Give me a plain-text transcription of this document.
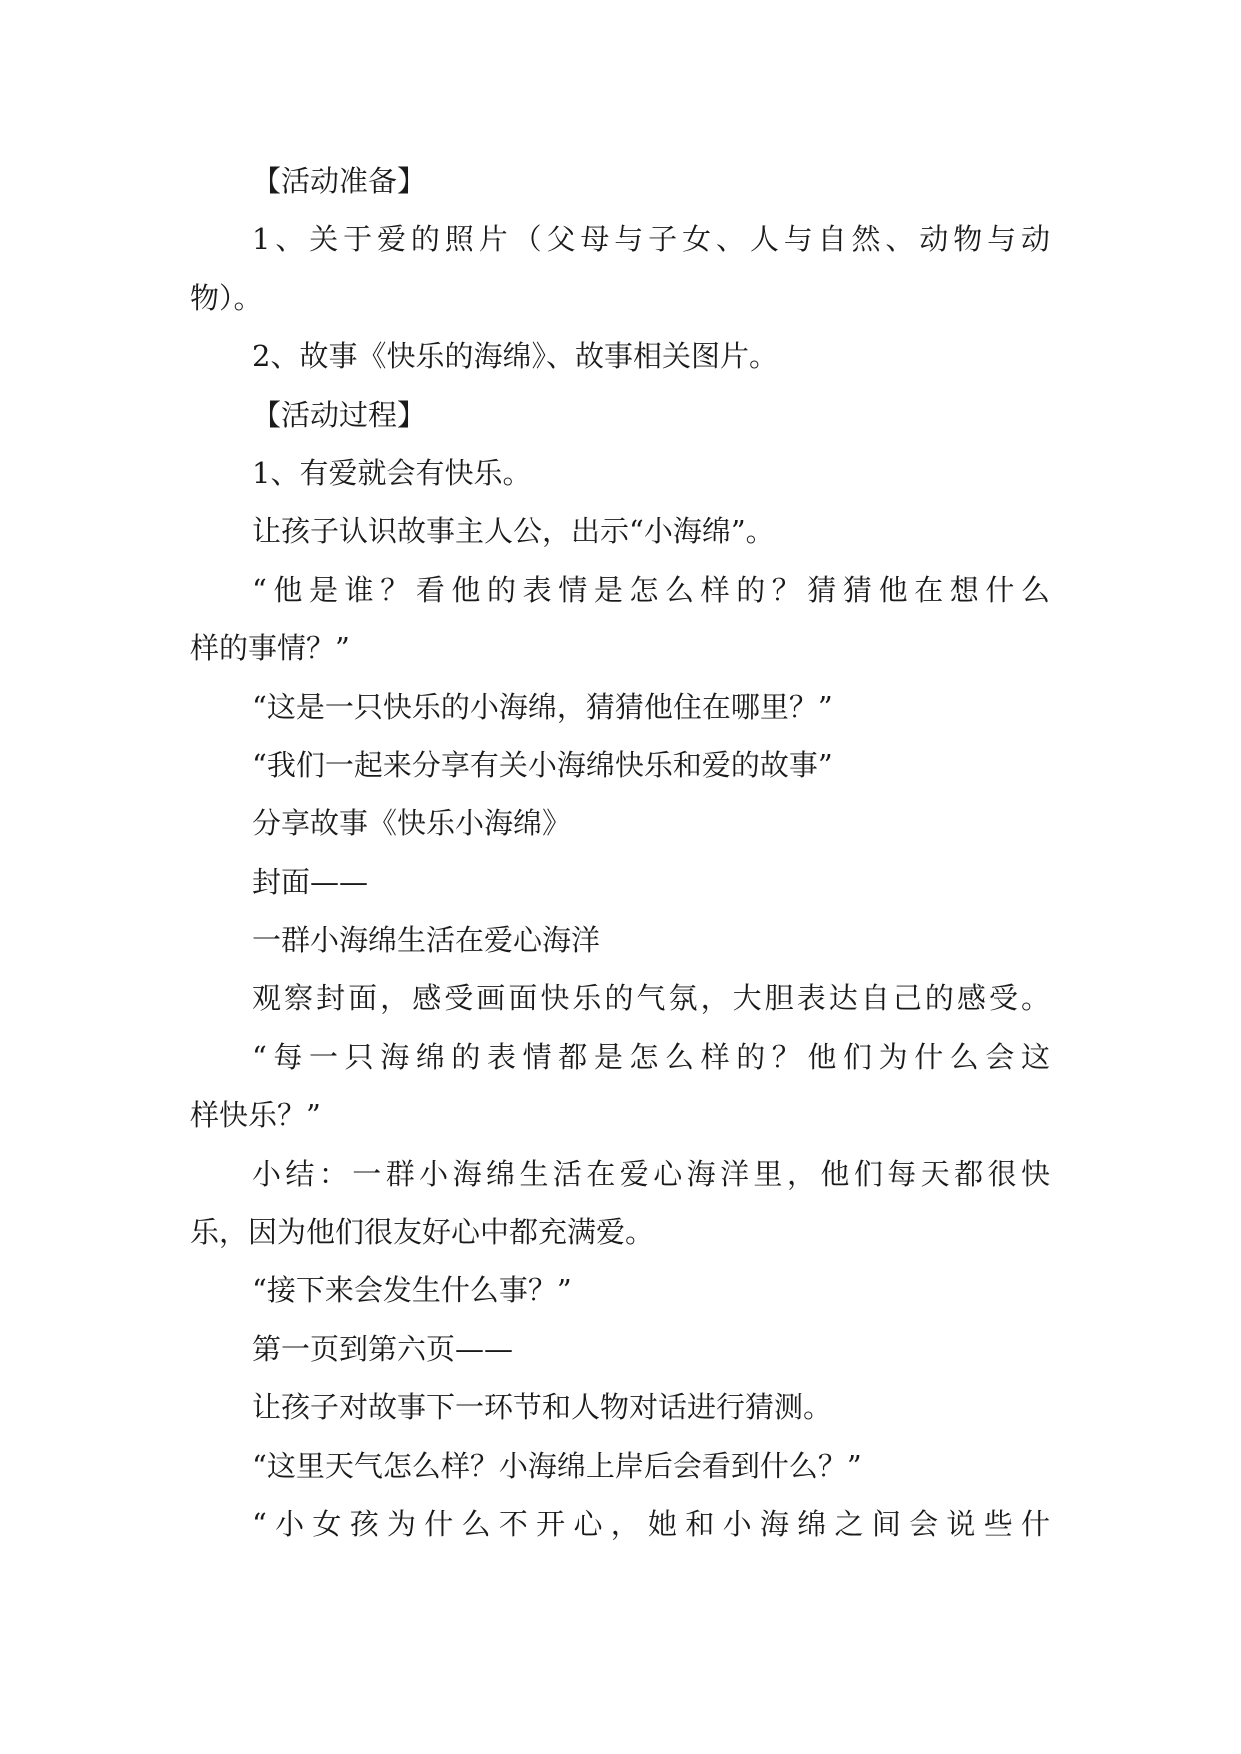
【活动准备】
1、关于爱的照片（父母与子女、人与自然、动物与动
物）。
2、故事《快乐的海绵》、故事相关图片。
【活动过程】
1、有爱就会有快乐。
让孩子认识故事主人公，出示“小海绵”。
“他是谁？看他的表情是怎么样的？猜猜他在想什么
样的事情？”
“这是一只快乐的小海绵，猜猜他住在哪里？”
“我们一起来分享有关小海绵快乐和爱的故事”
分享故事《快乐小海绵》
封面——
一群小海绵生活在爱心海洋
观察封面，感受画面快乐的气氛，大胆表达自己的感受。
“每一只海绵的表情都是怎么样的？他们为什么会这
样快乐？”
小结：一群小海绵生活在爱心海洋里，他们每天都很快
乐，因为他们很友好心中都充满爱。
“接下来会发生什么事？”
第一页到第六页——
让孩子对故事下一环节和人物对话进行猜测。
“这里天气怎么样？小海绵上岸后会看到什么？”
“小女孩为什么不开心，她和小海绵之间会说些什
